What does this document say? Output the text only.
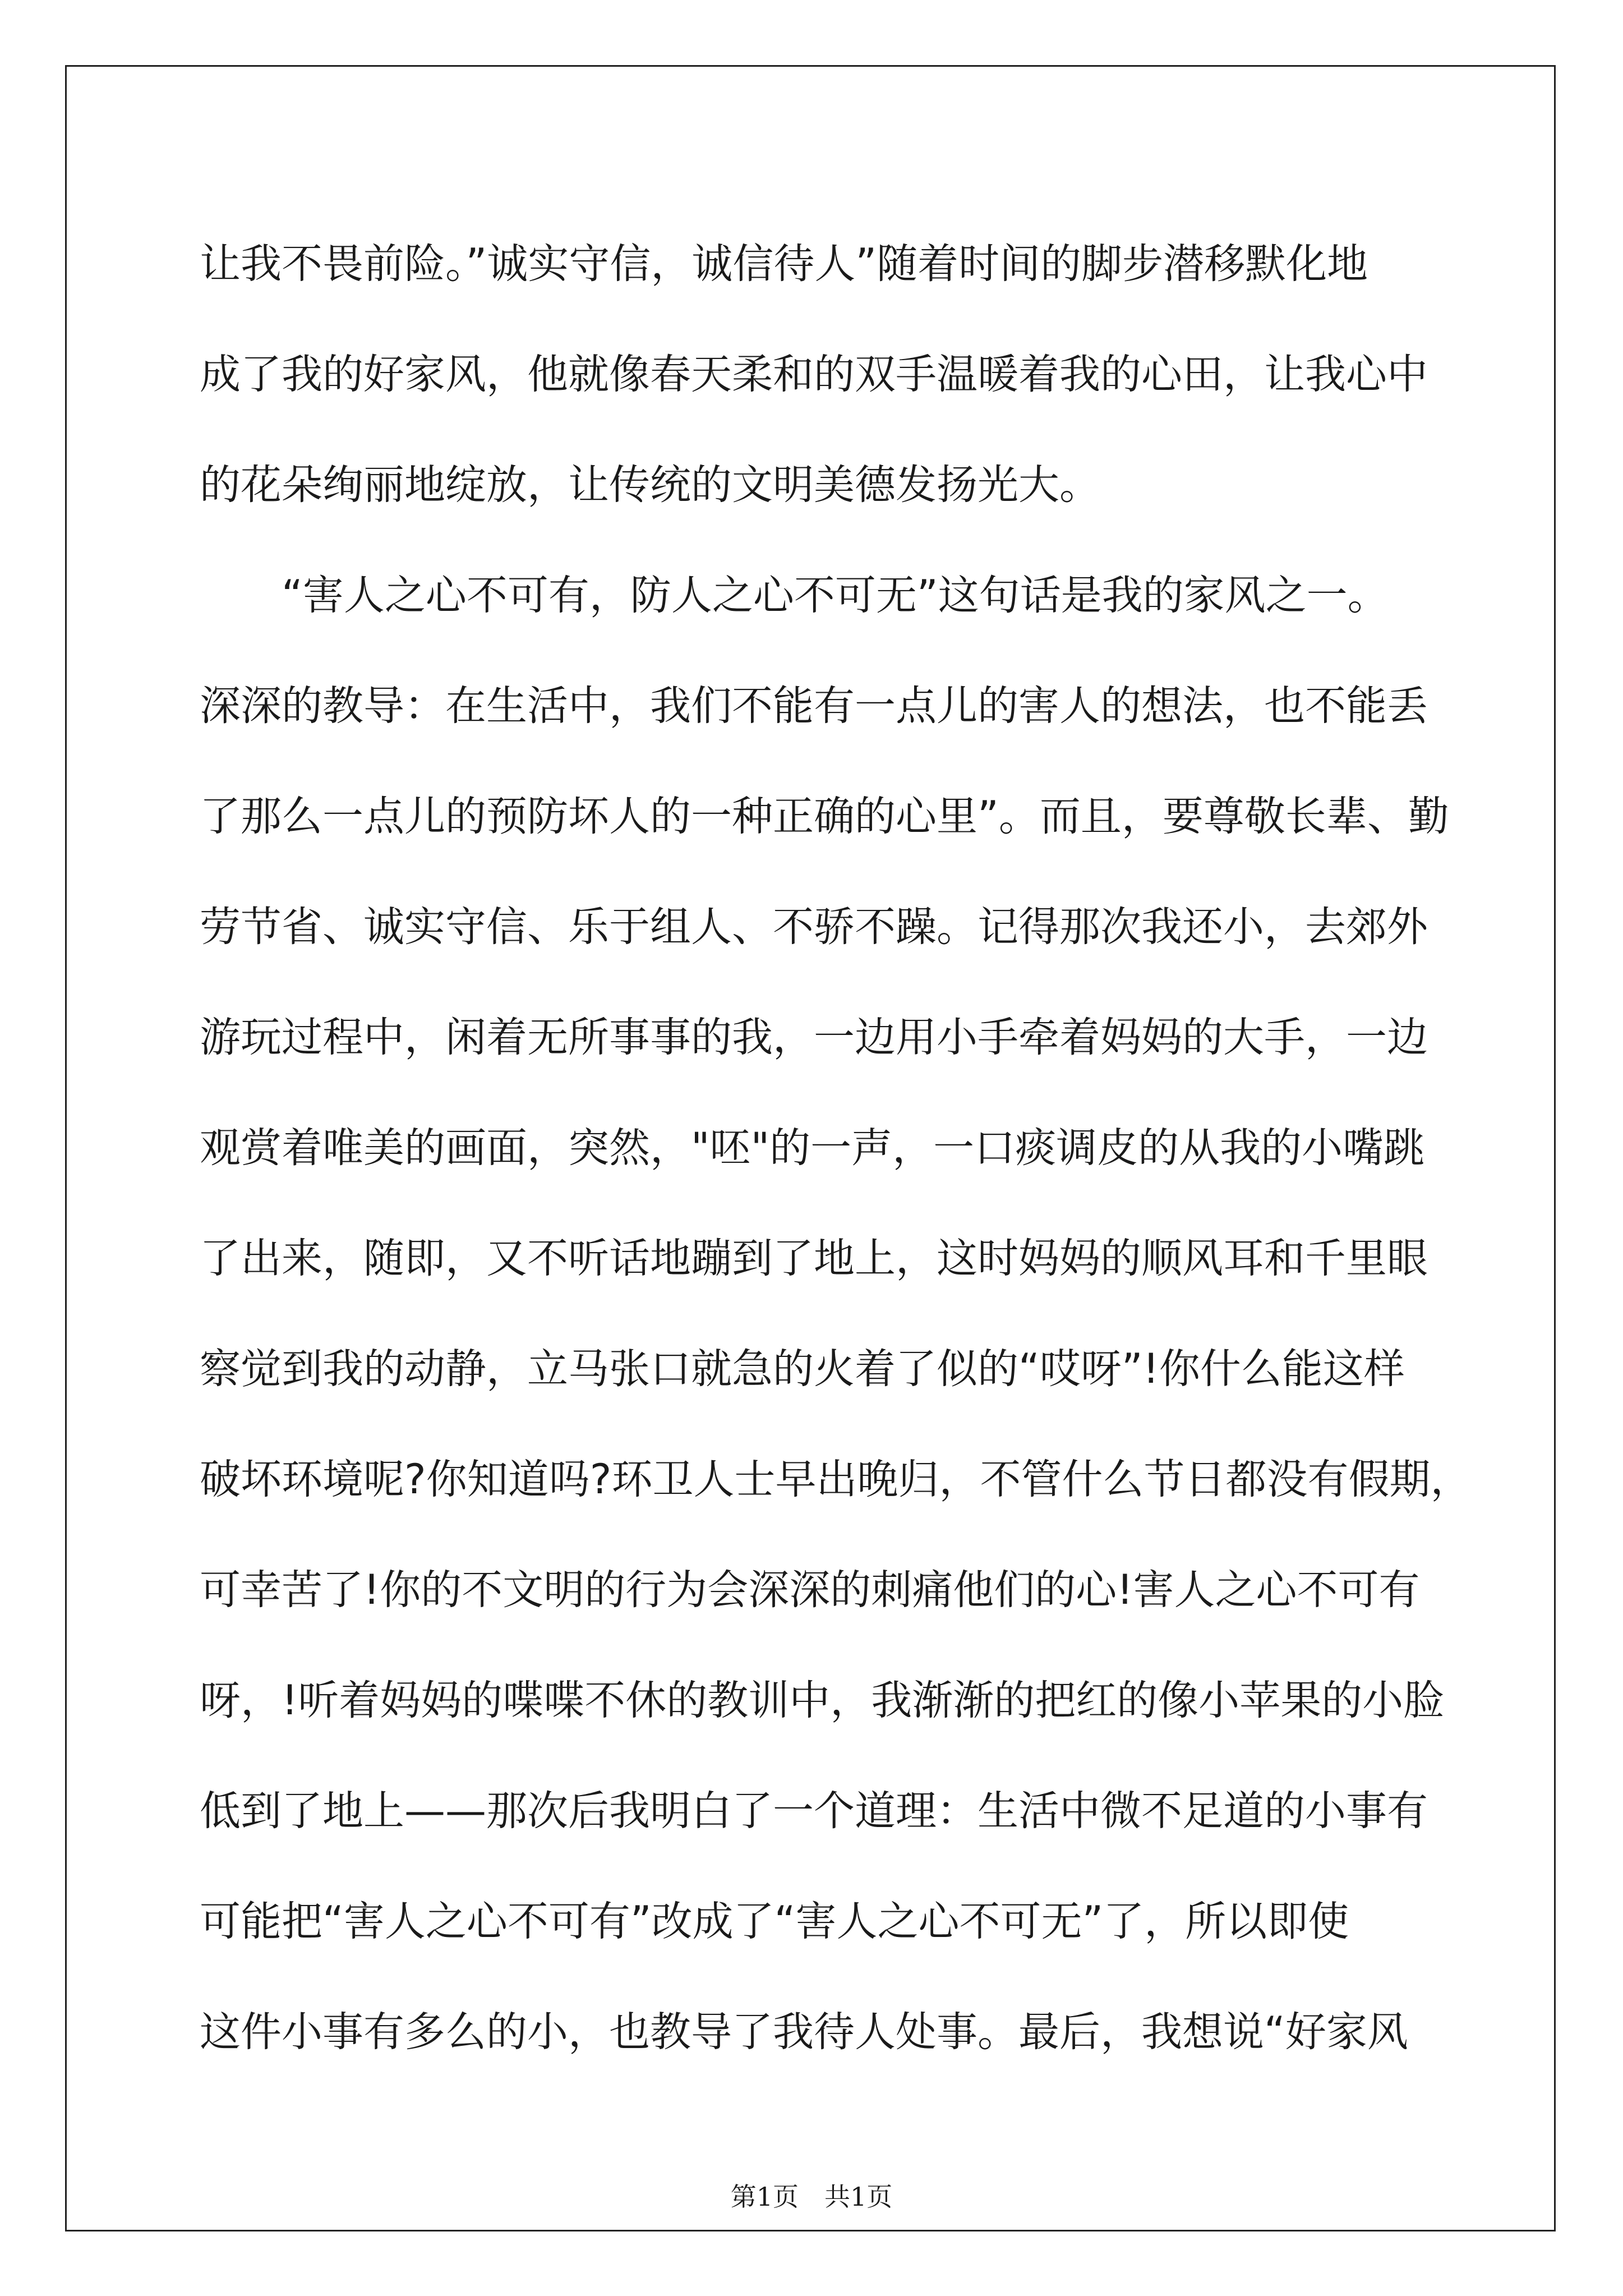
让我不畏前险。”诚实守信，诚信待人”随着时间的脚步潜移默化地

成了我的好家风，他就像春天柔和的双手温暖着我的心田，让我心中

的花朵绚丽地绽放，让传统的文明美德发扬光大。

“害人之心不可有，防人之心不可无”这句话是我的家风之一。

深深的教导：在生活中，我们不能有一点儿的害人的想法，也不能丢

了那么一点儿的预防坏人的一种正确的心里”。而且，要尊敬长辈、勤

劳节省、诚实守信、乐于组人、不骄不躁。记得那次我还小，去郊外

游玩过程中，闲着无所事事的我，一边用小手牵着妈妈的大手，一边

观赏着唯美的画面，突然，"呸"的一声，一口痰调皮的从我的小嘴跳

了出来，随即，又不听话地蹦到了地上，这时妈妈的顺风耳和千里眼

察觉到我的动静，立马张口就急的火着了似的“哎呀”!你什么能这样

破坏环境呢?你知道吗?环卫人士早出晚归，不管什么节日都没有假期，

可幸苦了!你的不文明的行为会深深的刺痛他们的心!害人之心不可有

呀，!听着妈妈的喋喋不休的教训中，我渐渐的把红的像小苹果的小脸

低到了地上——那次后我明白了一个道理：生活中微不足道的小事有

可能把“害人之心不可有”改成了“害人之心不可无”了，所以即使

这件小事有多么的小，也教导了我待人处事。最后，我想说“好家风

第1页　共1页
